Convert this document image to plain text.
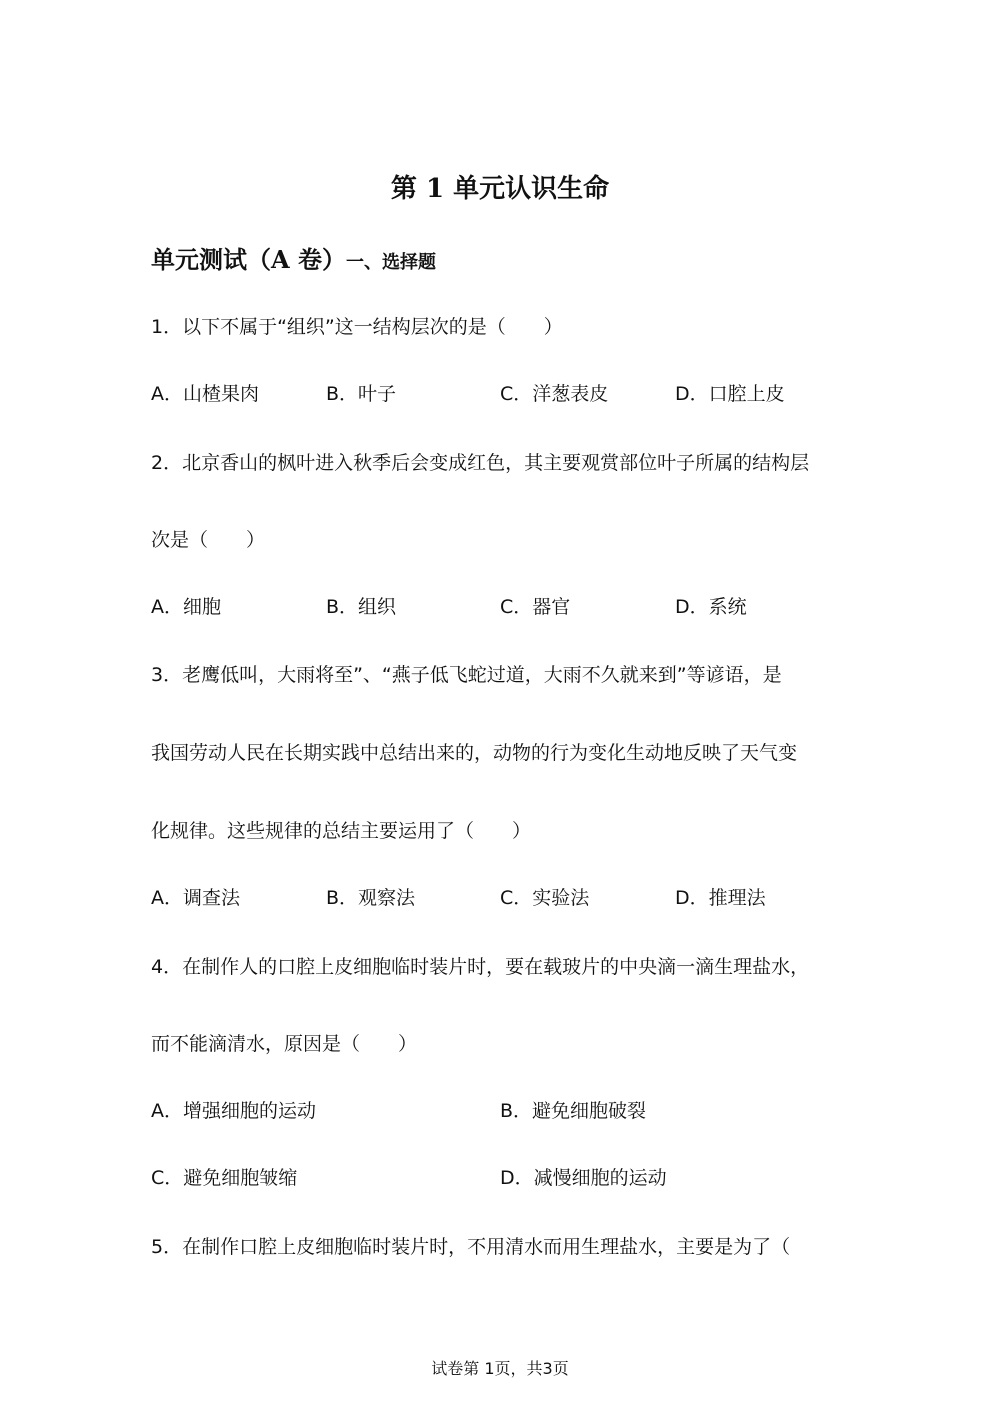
第 1 单元认识生命
单元测试（A 卷）一、选择题
1．以下不属于“组织”这一结构层次的是（　　）
A．山楂果肉	B．叶子	C．洋葱表皮	D．口腔上皮
2．北京香山的枫叶进入秋季后会变成红色，其主要观赏部位叶子所属的结构层
次是（　　）
A．细胞	B．组织	C．器官	D．系统
3．老鹰低叫，大雨将至”、“燕子低飞蛇过道，大雨不久就来到”等谚语，是
我国劳动人民在长期实践中总结出来的，动物的行为变化生动地反映了天气变
化规律。这些规律的总结主要运用了（　　）
A．调查法	B．观察法	C．实验法	D．推理法
4．在制作人的口腔上皮细胞临时装片时，要在载玻片的中央滴一滴生理盐水，
而不能滴清水，原因是（　　）
A．增强细胞的运动	B．避免细胞破裂
C．避免细胞皱缩	D．减慢细胞的运动
5．在制作口腔上皮细胞临时装片时，不用清水而用生理盐水，主要是为了（
试卷第 1页，共3页
